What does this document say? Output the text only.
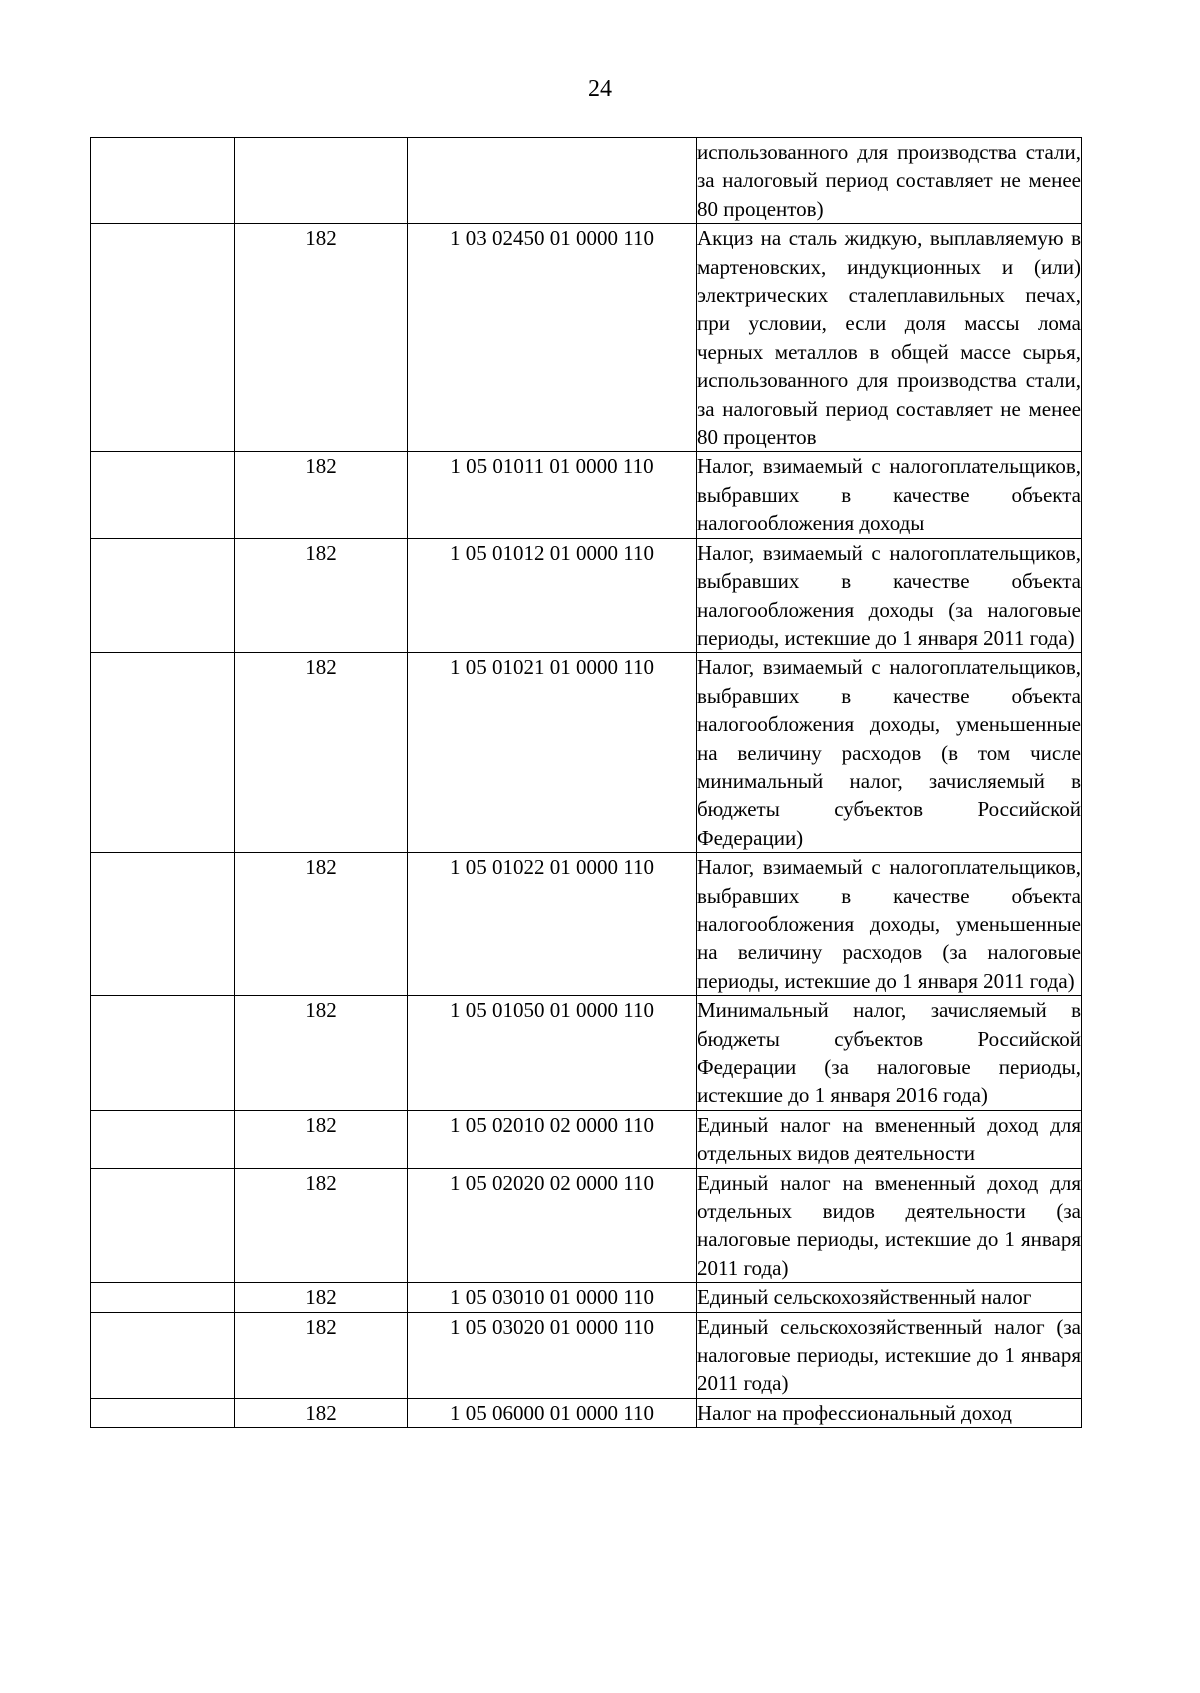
24
			использованного для производства стали, за налоговый период составляет не менее 80 процентов)
	182	1 03 02450 01 0000 110	Акциз на сталь жидкую, выплавляемую в мартеновских, индукционных и (или) электрических сталеплавильных печах, при условии, если доля массы лома черных металлов в общей массе сырья, использованного для производства стали, за налоговый период составляет не менее 80 процентов
	182	1 05 01011 01 0000 110	Налог, взимаемый с налогоплательщиков, выбравших в качестве объекта налогообложения доходы
	182	1 05 01012 01 0000 110	Налог, взимаемый с налогоплательщиков, выбравших в качестве объекта налогообложения доходы (за налоговые периоды, истекшие до 1 января 2011 года)
	182	1 05 01021 01 0000 110	Налог, взимаемый с налогоплательщиков, выбравших в качестве объекта налогообложения доходы, уменьшенные на величину расходов (в том числе минимальный налог, зачисляемый в бюджеты субъектов Российской Федерации)
	182	1 05 01022 01 0000 110	Налог, взимаемый с налогоплательщиков, выбравших в качестве объекта налогообложения доходы, уменьшенные на величину расходов (за налоговые периоды, истекшие до 1 января 2011 года)
	182	1 05 01050 01 0000 110	Минимальный налог, зачисляемый в бюджеты субъектов Российской Федерации (за налоговые периоды, истекшие до 1 января 2016 года)
	182	1 05 02010 02 0000 110	Единый налог на вмененный доход для отдельных видов деятельности
	182	1 05 02020 02 0000 110	Единый налог на вмененный доход для отдельных видов деятельности (за налоговые периоды, истекшие до 1 января 2011 года)
	182	1 05 03010 01 0000 110	Единый сельскохозяйственный налог
	182	1 05 03020 01 0000 110	Единый сельскохозяйственный налог (за налоговые периоды, истекшие до 1 января 2011 года)
	182	1 05 06000 01 0000 110	Налог на профессиональный доход
